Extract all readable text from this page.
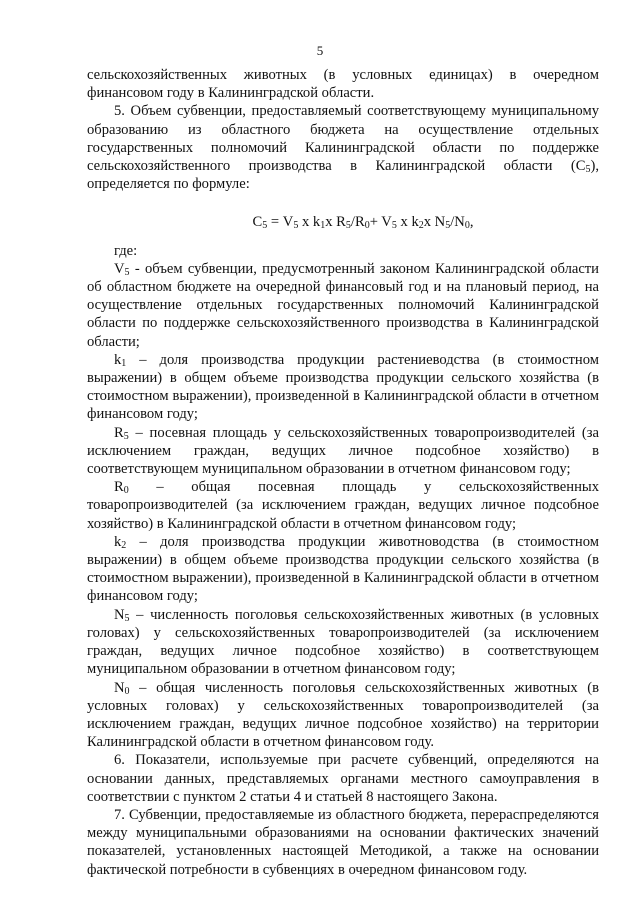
5

сельскохозяйственных животных (в условных единицах) в очередном финансовом году в Калининградской области.

5. Объем субвенции, предоставляемый соответствующему муниципальному образованию из областного бюджета на осуществление отдельных государственных полномочий Калининградской области по поддержке сельскохозяйственного производства в Калининградской области $(С_5)$, определяется по формуле:

$С_5 = V_5$ х $k_1х$ $R_5/R_0+ V_5$ х $k_2х$ $N_5/N_0$,

где:

$V_5$ - объем субвенции, предусмотренный законом Калининградской области об областном бюджете на очередной финансовый год и на плановый период, на осуществление отдельных государственных полномочий Калининградской области по поддержке сельскохозяйственного производства в Калининградской области;

$k_1$ – доля производства продукции растениеводства (в стоимостном выражении) в общем объеме производства продукции сельского хозяйства (в стоимостном выражении), произведенной в Калининградской области в отчетном финансовом году;

$R_5$ – посевная площадь у сельскохозяйственных товаропроизводителей (за исключением граждан, ведущих личное подсобное хозяйство) в соответствующем муниципальном образовании в отчетном финансовом году;

$R_0$ – общая посевная площадь у сельскохозяйственных товаропроизводителей (за исключением граждан, ведущих личное подсобное хозяйство) в Калининградской области в отчетном финансовом году;

$k_2$ – доля производства продукции животноводства (в стоимостном выражении) в общем объеме производства продукции сельского хозяйства (в стоимостном выражении), произведенной в Калининградской области в отчетном финансовом году;

$N_5$ – численность поголовья сельскохозяйственных животных (в условных головах) у сельскохозяйственных товаропроизводителей (за исключением граждан, ведущих личное подсобное хозяйство) в соответствующем муниципальном образовании в отчетном финансовом году;

$N_0$ – общая численность поголовья сельскохозяйственных животных (в условных головах) у сельскохозяйственных товаропроизводителей (за исключением граждан, ведущих личное подсобное хозяйство) на территории Калининградской области в отчетном финансовом году.

6. Показатели, используемые при расчете субвенций, определяются на основании данных, представляемых органами местного самоуправления в соответствии с пунктом 2 статьи 4 и статьей 8 настоящего Закона.

7. Субвенции, предоставляемые из областного бюджета, перераспределяются между муниципальными образованиями на основании фактических значений показателей, установленных настоящей Методикой, а также на основании фактической потребности в субвенциях в очередном финансовом году.
